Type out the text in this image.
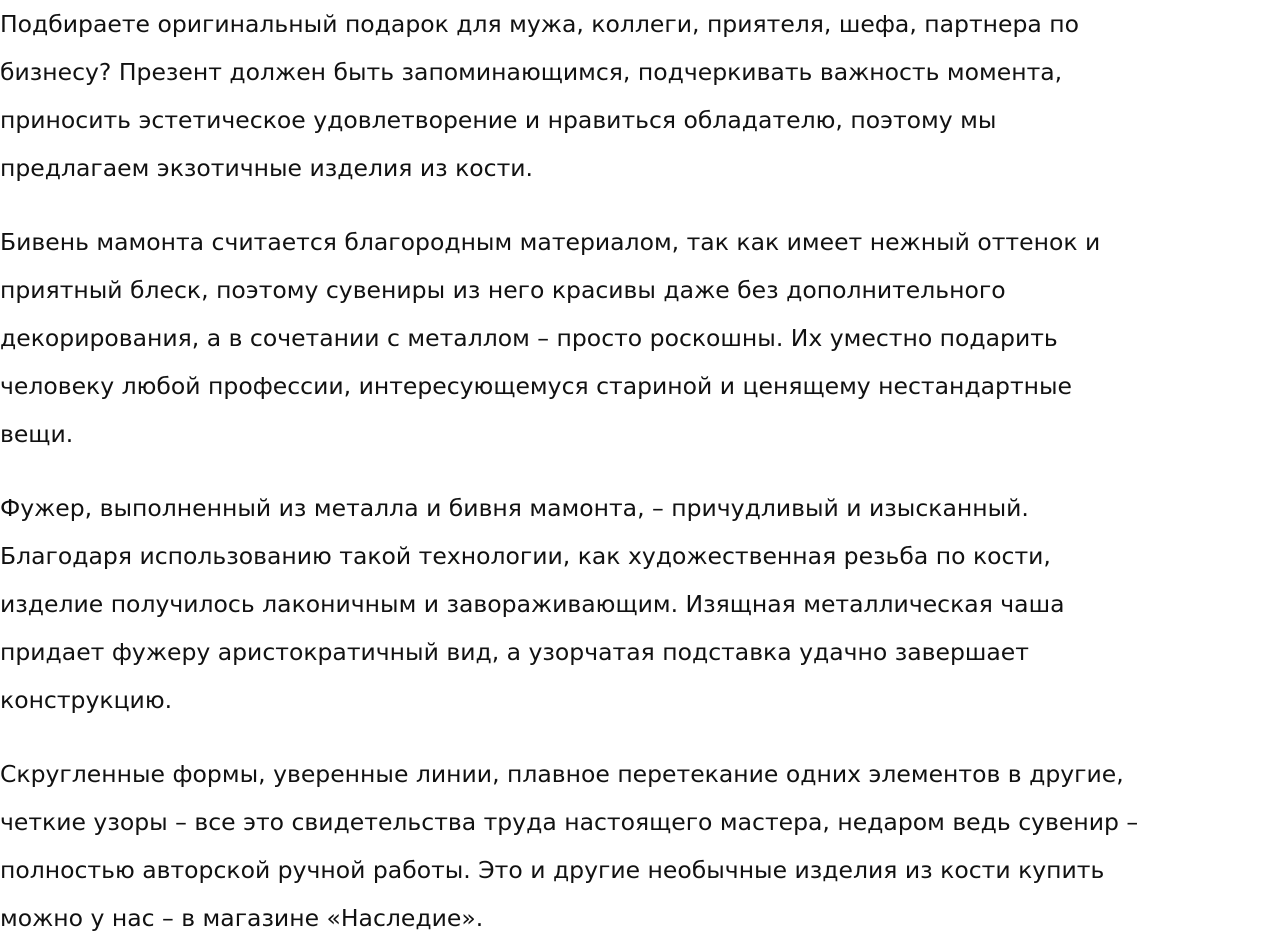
Подбираете оригинальный подарок для мужа, коллеги, приятеля, шефа, партнера по
бизнесу? Презент должен быть запоминающимся, подчеркивать важность момента,
приносить эстетическое удовлетворение и нравиться обладателю, поэтому мы
предлагаем экзотичные изделия из кости.

Бивень мамонта считается благородным материалом, так как имеет нежный оттенок и
приятный блеск, поэтому сувениры из него красивы даже без дополнительного
декорирования, а в сочетании с металлом – просто роскошны. Их уместно подарить
человеку любой профессии, интересующемуся стариной и ценящему нестандартные
вещи.

Фужер, выполненный из металла и бивня мамонта, – причудливый и изысканный.
Благодаря использованию такой технологии, как художественная резьба по кости,
изделие получилось лаконичным и завораживающим. Изящная металлическая чаша
придает фужеру аристократичный вид, а узорчатая подставка удачно завершает
конструкцию.

Скругленные формы, уверенные линии, плавное перетекание одних элементов в другие,
четкие узоры – все это свидетельства труда настоящего мастера, недаром ведь сувенир –
полностью авторской ручной работы. Это и другие необычные изделия из кости купить
можно у нас – в магазине «Наследие».
